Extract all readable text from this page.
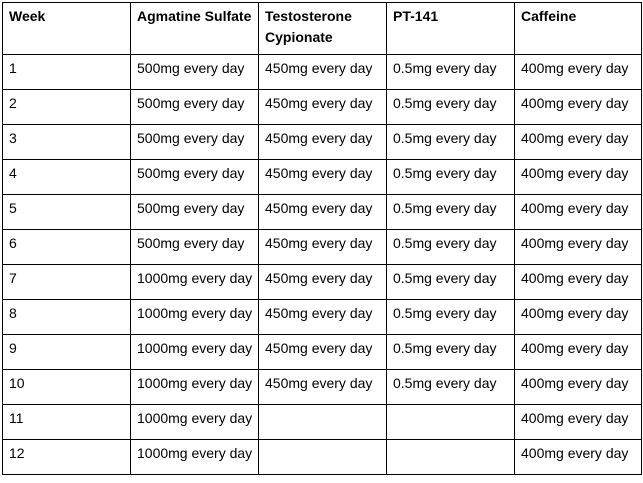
Week	Agmatine Sulfate	Testosterone Cypionate	PT-141	Caffeine
1	500mg every day	450mg every day	0.5mg every day	400mg every day
2	500mg every day	450mg every day	0.5mg every day	400mg every day
3	500mg every day	450mg every day	0.5mg every day	400mg every day
4	500mg every day	450mg every day	0.5mg every day	400mg every day
5	500mg every day	450mg every day	0.5mg every day	400mg every day
6	500mg every day	450mg every day	0.5mg every day	400mg every day
7	1000mg every day	450mg every day	0.5mg every day	400mg every day
8	1000mg every day	450mg every day	0.5mg every day	400mg every day
9	1000mg every day	450mg every day	0.5mg every day	400mg every day
10	1000mg every day	450mg every day	0.5mg every day	400mg every day
11	1000mg every day			400mg every day
12	1000mg every day			400mg every day
